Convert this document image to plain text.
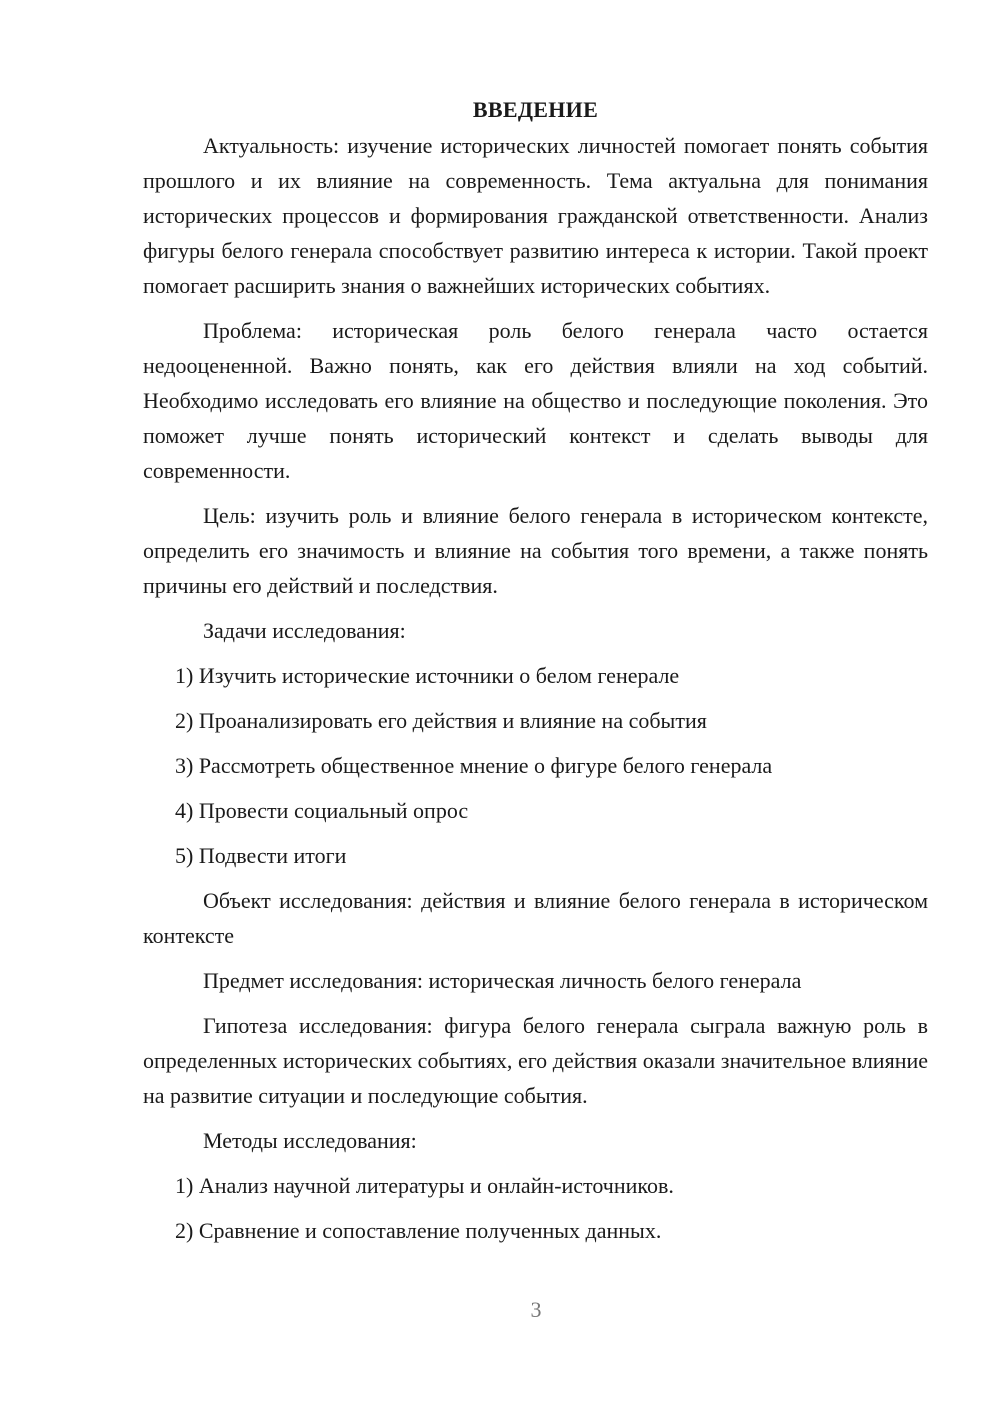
ВВЕДЕНИЕ

Актуальность: изучение исторических личностей помогает понять события прошлого и их влияние на современность. Тема актуальна для понимания исторических процессов и формирования гражданской ответственности. Анализ фигуры белого генерала способствует развитию интереса к истории. Такой проект помогает расширить знания о важнейших исторических событиях.

Проблема: историческая роль белого генерала часто остается недооцененной. Важно понять, как его действия влияли на ход событий. Необходимо исследовать его влияние на общество и последующие поколения. Это поможет лучше понять исторический контекст и сделать выводы для современности.

Цель: изучить роль и влияние белого генерала в историческом контексте, определить его значимость и влияние на события того времени, а также понять причины его действий и последствия.

Задачи исследования:
1) Изучить исторические источники о белом генерале
2) Проанализировать его действия и влияние на события
3) Рассмотреть общественное мнение о фигуре белого генерала
4) Провести социальный опрос
5) Подвести итоги

Объект исследования: действия и влияние белого генерала в историческом контексте

Предмет исследования: историческая личность белого генерала

Гипотеза исследования: фигура белого генерала сыграла важную роль в определенных исторических событиях, его действия оказали значительное влияние на развитие ситуации и последующие события.

Методы исследования:
1) Анализ научной литературы и онлайн-источников.
2) Сравнение и сопоставление полученных данных.
3
